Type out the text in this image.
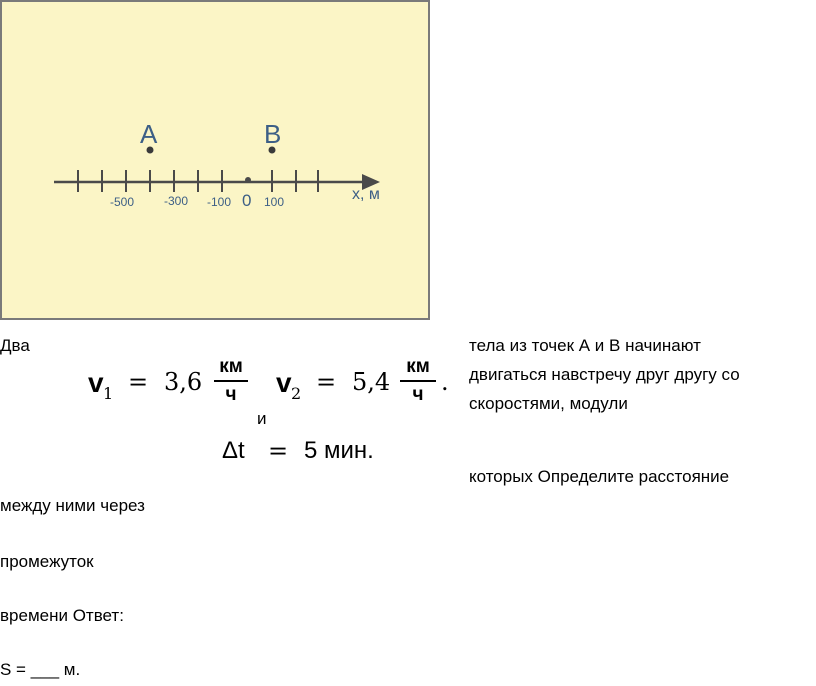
A	B
-500 -300 -100 0 100	x, м
Два	тела из точек А и В начинают
двигаться навстречу друг другу со
скоростями, модули
v 1 = 3,6
км
ч
и
v 2 = 5,4
км
ч .
Δt = 5 мин.
которых Определите расстояние
между ними через
промежуток
времени Ответ:
S = ___ м.
